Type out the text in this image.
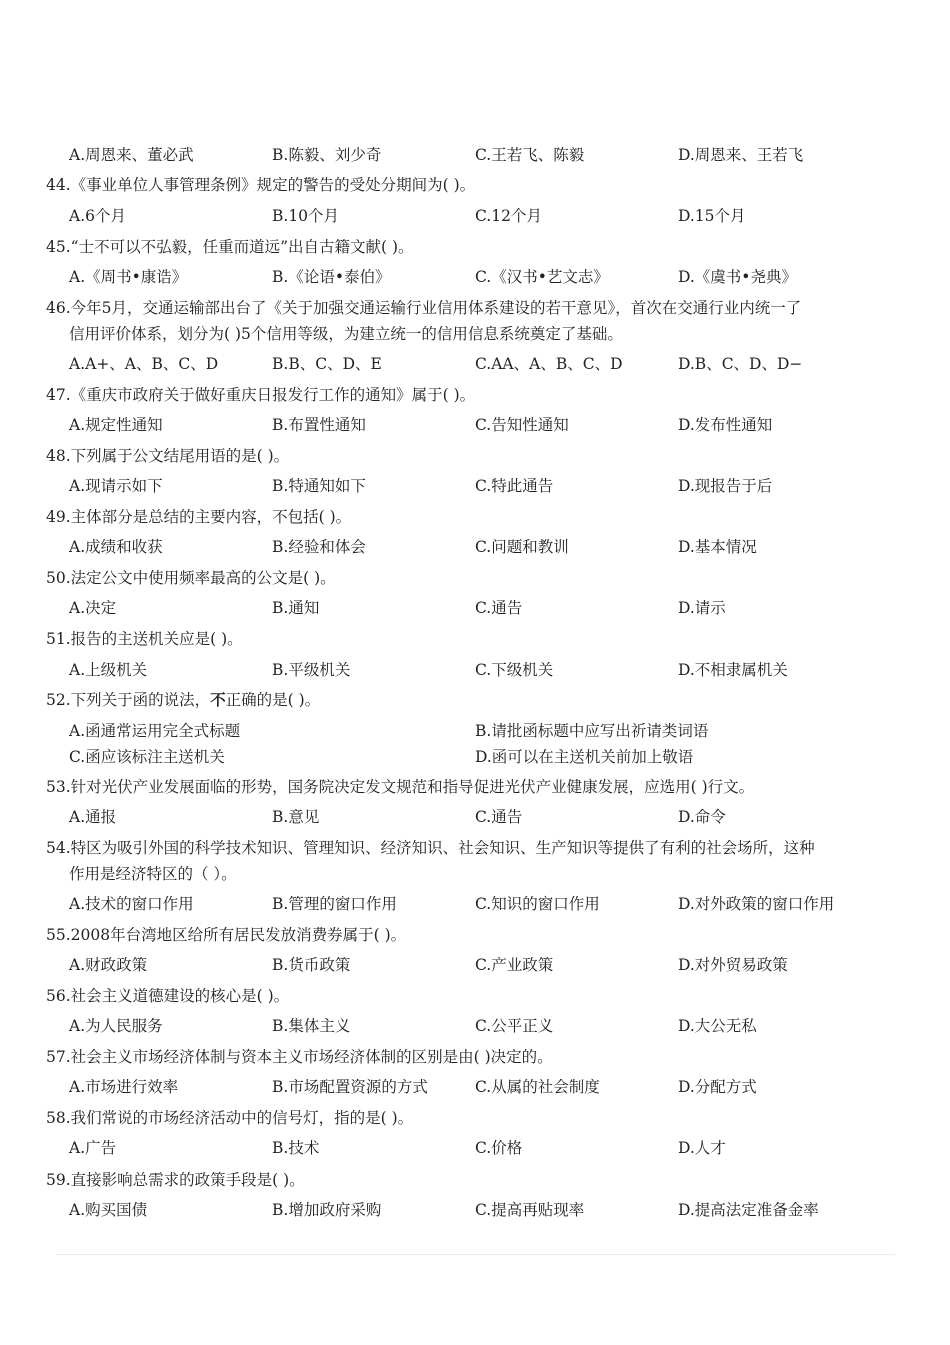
A.周恩来、董必武	B.陈毅、刘少奇	C.王若飞、陈毅	D.周恩来、王若飞
44.《事业单位人事管理条例》规定的警告的受处分期间为( )。
A.6个月	B.10个月	C.12个月	D.15个月
45.“士不可以不弘毅，任重而道远”出自古籍文献( )。
A.《周书•康诰》	B.《论语•泰伯》	C.《汉书•艺文志》	D.《虞书•尧典》
46.今年5月，交通运输部出台了《关于加强交通运输行业信用体系建设的若干意见》，首次在交通行业内统一了
信用评价体系，划分为( )5个信用等级，为建立统一的信用信息系统奠定了基础。
A.A+、A、B、C、D	B.B、C、D、E	C.AA、A、B、C、D	D.B、C、D、D−
47.《重庆市政府关于做好重庆日报发行工作的通知》属于( )。
A.规定性通知	B.布置性通知	C.告知性通知	D.发布性通知
48.下列属于公文结尾用语的是( )。
A.现请示如下	B.特通知如下	C.特此通告	D.现报告于后
49.主体部分是总结的主要内容，不包括( )。
A.成绩和收获	B.经验和体会	C.问题和教训	D.基本情况
50.法定公文中使用频率最高的公文是( )。
A.决定	B.通知	C.通告	D.请示
51.报告的主送机关应是( )。
A.上级机关	B.平级机关	C.下级机关	D.不相隶属机关
52.下列关于函的说法，不正确的是( )。
A.函通常运用完全式标题	B.请批函标题中应写出祈请类词语
C.函应该标注主送机关	D.函可以在主送机关前加上敬语
53.针对光伏产业发展面临的形势，国务院决定发文规范和指导促进光伏产业健康发展，应选用( )行文。
A.通报	B.意见	C.通告	D.命令
54.特区为吸引外国的科学技术知识、管理知识、经济知识、社会知识、生产知识等提供了有利的社会场所，这种
作用是经济特区的（ ）。
A.技术的窗口作用	B.管理的窗口作用	C.知识的窗口作用	D.对外政策的窗口作用
55.2008年台湾地区给所有居民发放消费券属于( )。
A.财政政策	B.货币政策	C.产业政策	D.对外贸易政策
56.社会主义道德建设的核心是( )。
A.为人民服务	B.集体主义	C.公平正义	D.大公无私
57.社会主义市场经济体制与资本主义市场经济体制的区别是由( )决定的。
A.市场进行效率	B.市场配置资源的方式	C.从属的社会制度	D.分配方式
58.我们常说的市场经济活动中的信号灯，指的是( )。
A.广告	B.技术	C.价格	D.人才
59.直接影响总需求的政策手段是( )。
A.购买国债	B.增加政府采购	C.提高再贴现率	D.提高法定准备金率
